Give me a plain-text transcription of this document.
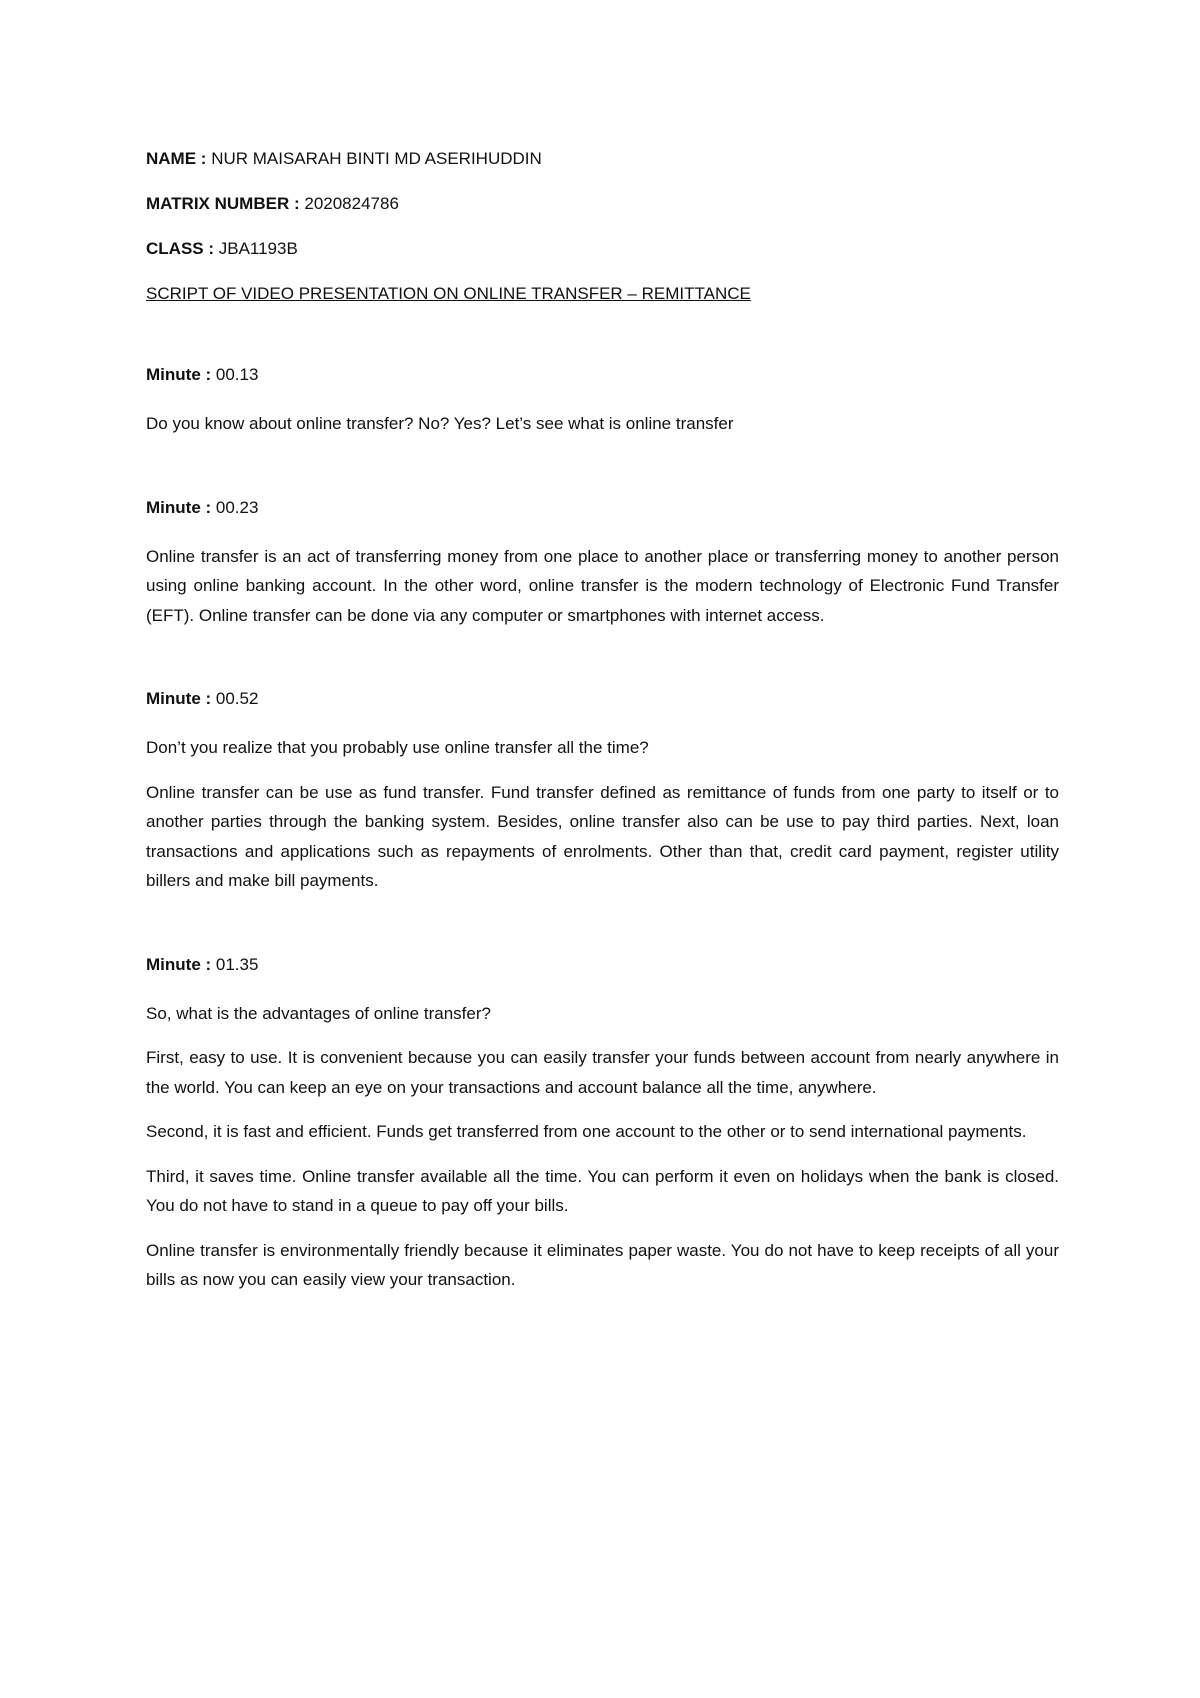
NAME : NUR MAISARAH BINTI MD ASERIHUDDIN
MATRIX NUMBER : 2020824786
CLASS : JBA1193B
SCRIPT OF VIDEO PRESENTATION ON ONLINE TRANSFER – REMITTANCE
Minute : 00.13

Do you know about online transfer? No? Yes? Let’s see what is online transfer

Minute : 00.23

Online transfer is an act of transferring money from one place to another place or transferring money to another person using online banking account. In the other word, online transfer is the modern technology of Electronic Fund Transfer (EFT). Online transfer can be done via any computer or smartphones with internet access.

Minute : 00.52

Don’t you realize that you probably use online transfer all the time?

Online transfer can be use as fund transfer. Fund transfer defined as remittance of funds from one party to itself or to another parties through the banking system. Besides, online transfer also can be use to pay third parties. Next, loan transactions and applications such as repayments of enrolments. Other than that, credit card payment, register utility billers and make bill payments.

Minute : 01.35

So, what is the advantages of online transfer?

First, easy to use. It is convenient because you can easily transfer your funds between account from nearly anywhere in the world. You can keep an eye on your transactions and account balance all the time, anywhere.

Second, it is fast and efficient. Funds get transferred from one account to the other or to send international payments.

Third, it saves time. Online transfer available all the time. You can perform it even on holidays when the bank is closed. You do not have to stand in a queue to pay off your bills.

Online transfer is environmentally friendly because it eliminates paper waste. You do not have to keep receipts of all your bills as now you can easily view your transaction.
